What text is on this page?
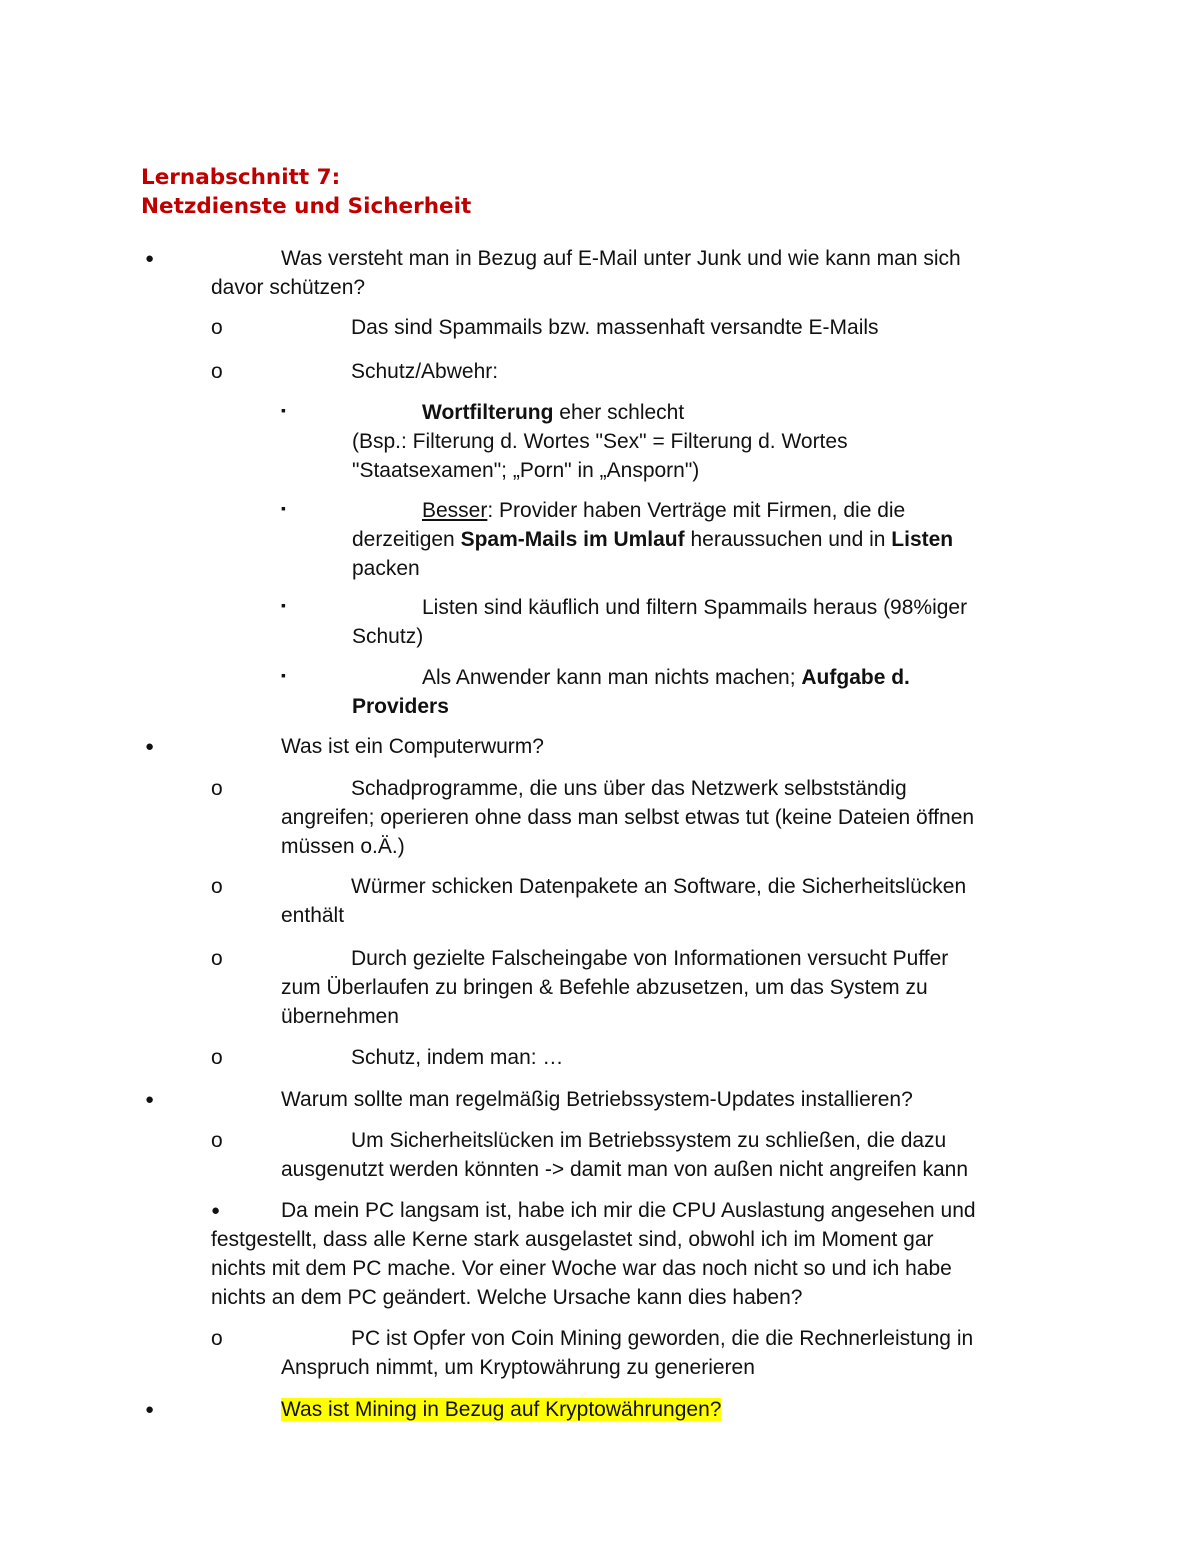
Lernabschnitt 7:
Netzdienste und Sicherheit
●	Was versteht man in Bezug auf E-Mail unter Junk und wie kann man sich
davor schützen?
o	Das sind Spammails bzw. massenhaft versandte E-Mails
o	Schutz/Abwehr:
▪	Wortfilterung eher schlecht
(Bsp.: Filterung d. Wortes "Sex" = Filterung d. Wortes
"Staatsexamen"; „Porn" in „Ansporn")
▪	Besser: Provider haben Verträge mit Firmen, die die
derzeitigen Spam-Mails im Umlauf heraussuchen und in Listen
packen
▪	Listen sind käuflich und filtern Spammails heraus (98%iger
Schutz)
▪	Als Anwender kann man nichts machen; Aufgabe d.
Providers
●	Was ist ein Computerwurm?
o	Schadprogramme, die uns über das Netzwerk selbstständig
angreifen; operieren ohne dass man selbst etwas tut (keine Dateien öffnen
müssen o.Ä.)
o	Würmer schicken Datenpakete an Software, die Sicherheitslücken
enthält
o	Durch gezielte Falscheingabe von Informationen versucht Puffer
zum Überlaufen zu bringen & Befehle abzusetzen, um das System zu
übernehmen
o	Schutz, indem man: …
●	Warum sollte man regelmäßig Betriebssystem-Updates installieren?
o	Um Sicherheitslücken im Betriebssystem zu schließen, die dazu
ausgenutzt werden könnten -> damit man von außen nicht angreifen kann
●	Da mein PC langsam ist, habe ich mir die CPU Auslastung angesehen und
festgestellt, dass alle Kerne stark ausgelastet sind, obwohl ich im Moment gar
nichts mit dem PC mache. Vor einer Woche war das noch nicht so und ich habe
nichts an dem PC geändert. Welche Ursache kann dies haben?
o	PC ist Opfer von Coin Mining geworden, die die Rechnerleistung in
Anspruch nimmt, um Kryptowährung zu generieren
●	Was ist Mining in Bezug auf Kryptowährungen?
